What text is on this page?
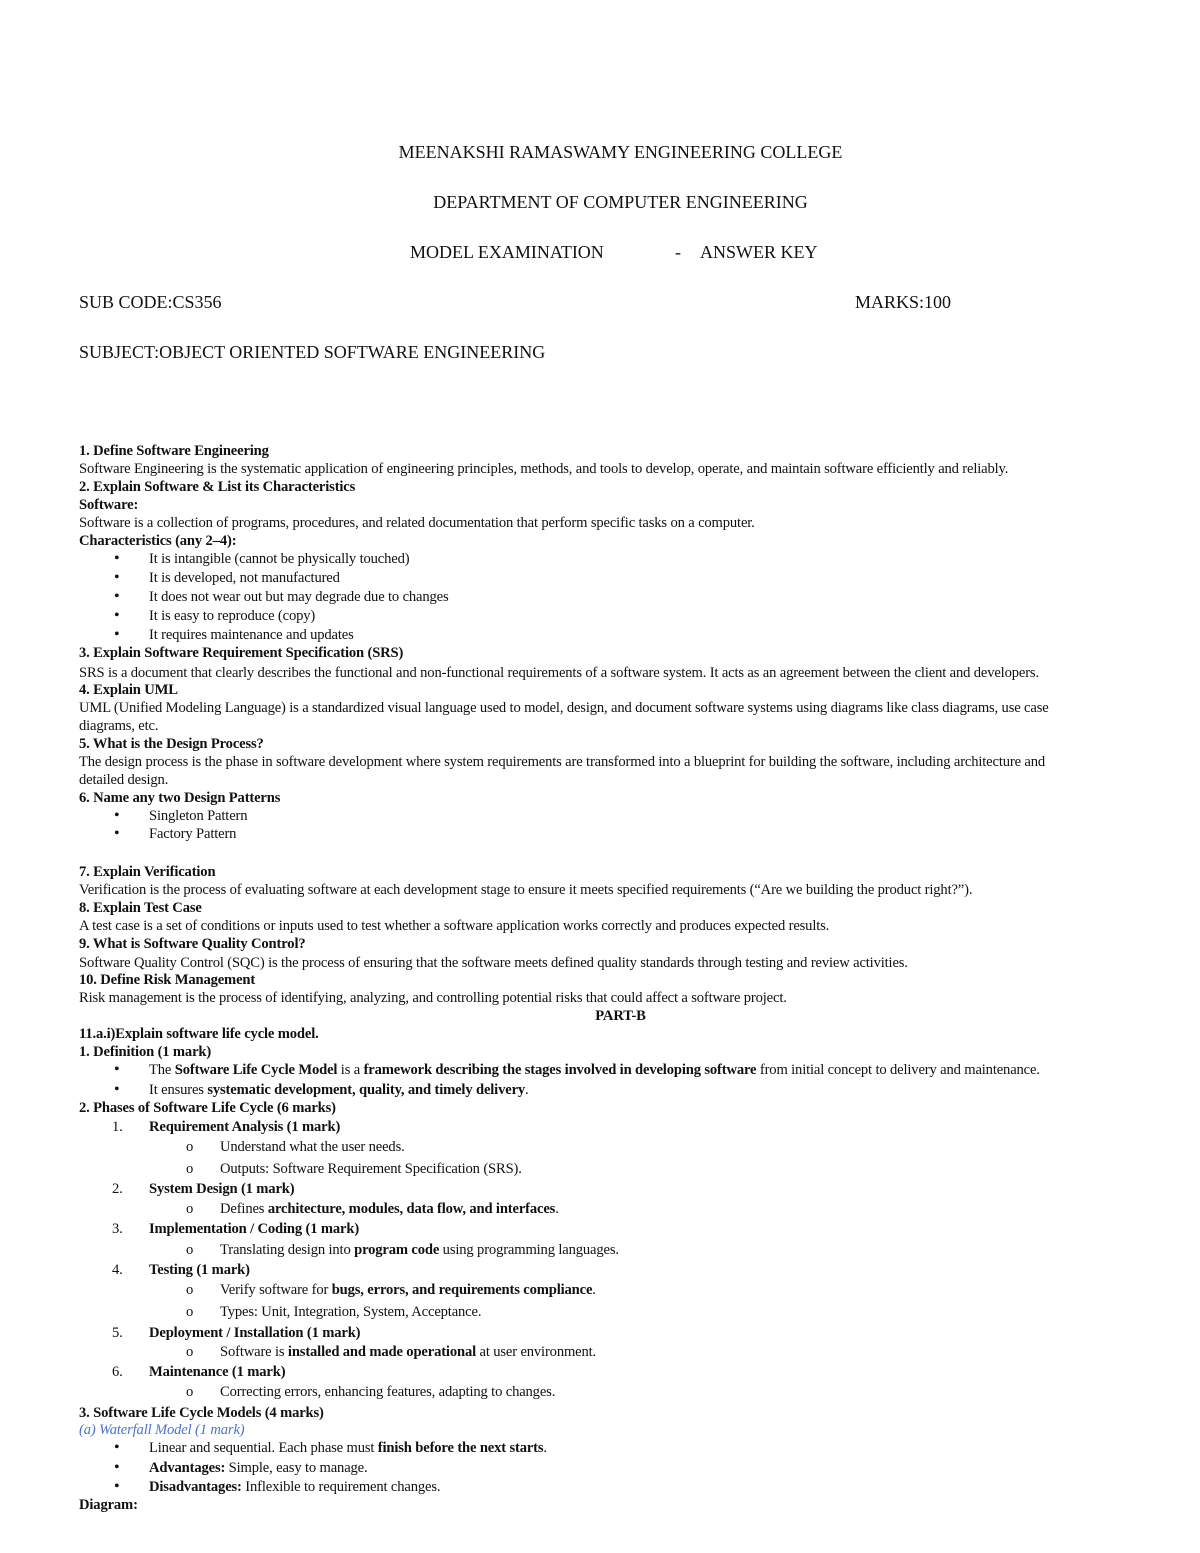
MEENAKSHI RAMASWAMY ENGINEERING COLLEGE
DEPARTMENT OF COMPUTER ENGINEERING
MODEL EXAMINATION	- ANSWER KEY
SUB CODE:CS356	MARKS:100
SUBJECT:OBJECT ORIENTED SOFTWARE ENGINEERING
1. Define Software Engineering
Software Engineering is the systematic application of engineering principles, methods, and tools to develop, operate, and maintain software efficiently and reliably.
2. Explain Software & List its Characteristics
Software:
Software is a collection of programs, procedures, and related documentation that perform specific tasks on a computer.
Characteristics (any 2–4):
• It is intangible (cannot be physically touched)
• It is developed, not manufactured
• It does not wear out but may degrade due to changes
• It is easy to reproduce (copy)
• It requires maintenance and updates
3. Explain Software Requirement Specification (SRS)
SRS is a document that clearly describes the functional and non-functional requirements of a software system. It acts as an agreement between the client and developers.
4. Explain UML
UML (Unified Modeling Language) is a standardized visual language used to model, design, and document software systems using diagrams like class diagrams, use case
diagrams, etc.
5. What is the Design Process?
The design process is the phase in software development where system requirements are transformed into a blueprint for building the software, including architecture and
detailed design.
6. Name any two Design Patterns
• Singleton Pattern
• Factory Pattern
7. Explain Verification
Verification is the process of evaluating software at each development stage to ensure it meets specified requirements (“Are we building the product right?”).
8. Explain Test Case
A test case is a set of conditions or inputs used to test whether a software application works correctly and produces expected results.
9. What is Software Quality Control?
Software Quality Control (SQC) is the process of ensuring that the software meets defined quality standards through testing and review activities.
10. Define Risk Management
Risk management is the process of identifying, analyzing, and controlling potential risks that could affect a software project.
PART-B
11.a.i)Explain software life cycle model.
1. Definition (1 mark)
• The Software Life Cycle Model is a framework describing the stages involved in developing software from initial concept to delivery and maintenance.
• It ensures systematic development, quality, and timely delivery.
2. Phases of Software Life Cycle (6 marks)
1. Requirement Analysis (1 mark)
o Understand what the user needs.
o Outputs: Software Requirement Specification (SRS).
2. System Design (1 mark)
o Defines architecture, modules, data flow, and interfaces.
3. Implementation / Coding (1 mark)
o Translating design into program code using programming languages.
4. Testing (1 mark)
o Verify software for bugs, errors, and requirements compliance.
o Types: Unit, Integration, System, Acceptance.
5. Deployment / Installation (1 mark)
o Software is installed and made operational at user environment.
6. Maintenance (1 mark)
o Correcting errors, enhancing features, adapting to changes.
3. Software Life Cycle Models (4 marks)
(a) Waterfall Model (1 mark)
• Linear and sequential. Each phase must finish before the next starts.
• Advantages: Simple, easy to manage.
• Disadvantages: Inflexible to requirement changes.
Diagram:
